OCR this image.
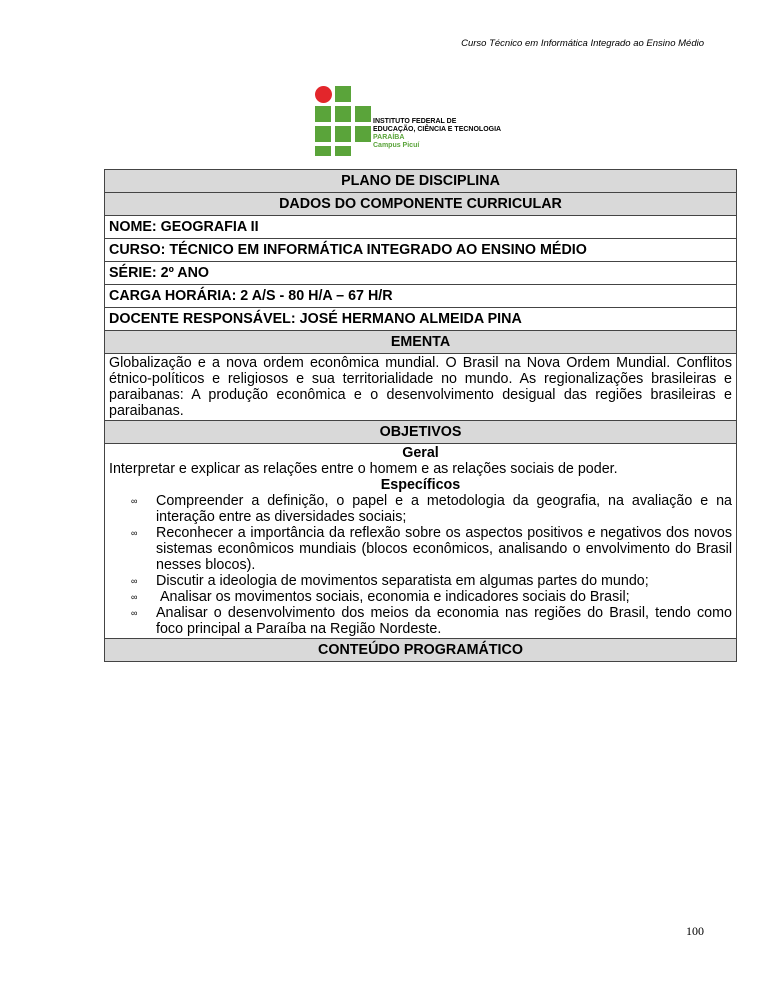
Curso Técnico em Informática Integrado ao Ensino Médio
INSTITUTO FEDERAL DE
EDUCAÇÃO, CIÊNCIA E TECNOLOGIA
PARAÍBA
Campus Picuí
PLANO DE DISCIPLINA
DADOS DO COMPONENTE CURRICULAR
NOME: GEOGRAFIA II
CURSO: TÉCNICO EM INFORMÁTICA INTEGRADO AO ENSINO MÉDIO
SÉRIE: 2º ANO
CARGA HORÁRIA: 2 A/S - 80 H/A – 67 H/R
DOCENTE RESPONSÁVEL: JOSÉ HERMANO ALMEIDA PINA
EMENTA
Globalização e a nova ordem econômica mundial. O Brasil na Nova Ordem Mundial. Conflitos étnico-políticos e religiosos e sua territorialidade no mundo. As regionalizações brasileiras e paraibanas: A produção econômica e o desenvolvimento desigual das regiões brasileiras e paraibanas.
OBJETIVOS

Geral
Interpretar e explicar as relações entre o homem e as relações sociais de poder.
Específicos
∞ Compreender a definição, o papel e a metodologia da geografia, na avaliação e na interação entre as diversidades sociais;
∞ Reconhecer a importância da reflexão sobre os aspectos positivos e negativos dos novos sistemas econômicos mundiais (blocos econômicos, analisando o envolvimento do Brasil nesses blocos).
∞ Discutir a ideologia de movimentos separatista em algumas partes do mundo;
∞ Analisar os movimentos sociais, economia e indicadores sociais do Brasil;
∞ Analisar o desenvolvimento dos meios da economia nas regiões do Brasil, tendo como foco principal a Paraíba na Região Nordeste.

CONTEÚDO PROGRAMÁTICO
100
